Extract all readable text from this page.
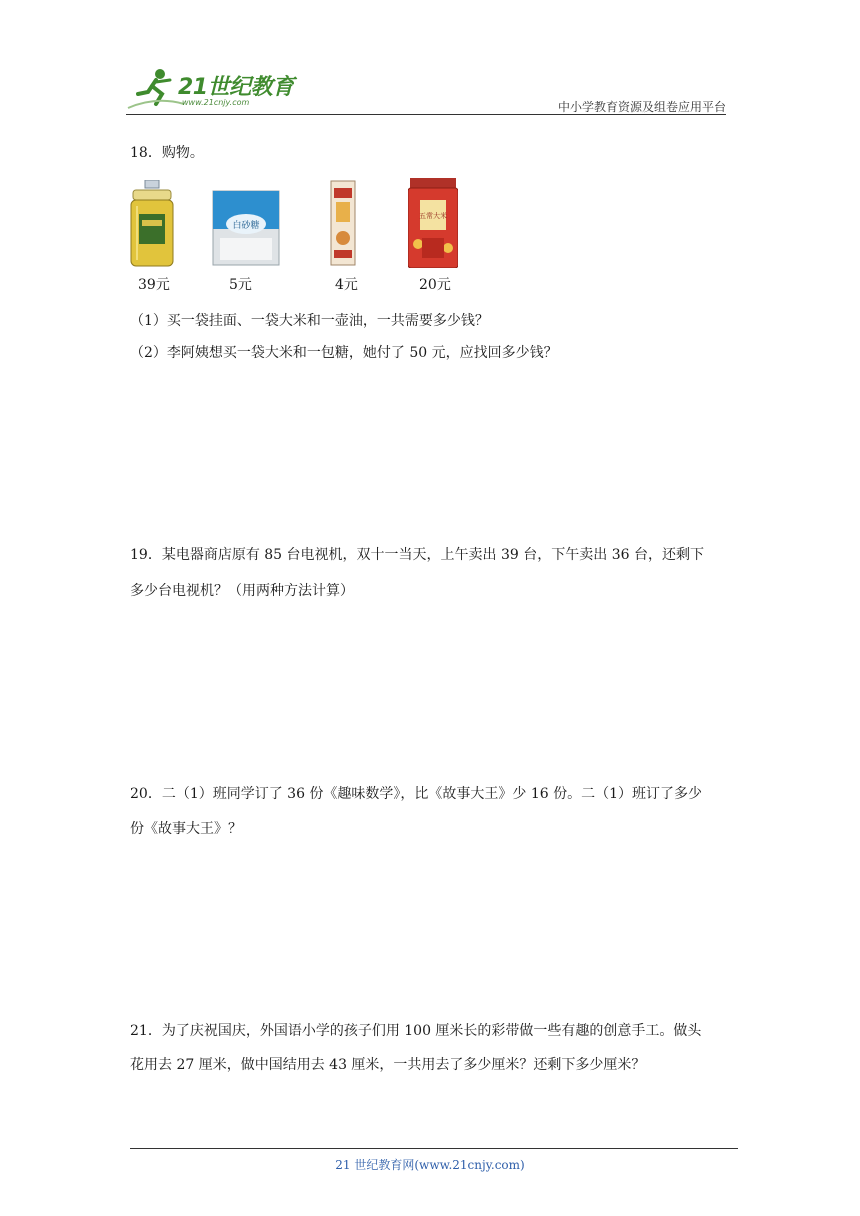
21世纪教育
www.21cnjy.com	中小学教育资源及组卷应用平台
18．购物。
白砂糖
五常大米
39元	5元	4元	20元
（1）买一袋挂面、一袋大米和一壶油，一共需要多少钱？
（2）李阿姨想买一袋大米和一包糖，她付了 50 元，应找回多少钱？
19．某电器商店原有 85 台电视机，双十一当天，上午卖出 39 台，下午卖出 36 台，还剩下
多少台电视机？（用两种方法计算）
20．二（1）班同学订了 36 份《趣味数学》，比《故事大王》少 16 份。二（1）班订了多少
份《故事大王》？
21．为了庆祝国庆，外国语小学的孩子们用 100 厘米长的彩带做一些有趣的创意手工。做头
花用去 27 厘米，做中国结用去 43 厘米，一共用去了多少厘米？还剩下多少厘米？
21 世纪教育网(www.21cnjy.com)
